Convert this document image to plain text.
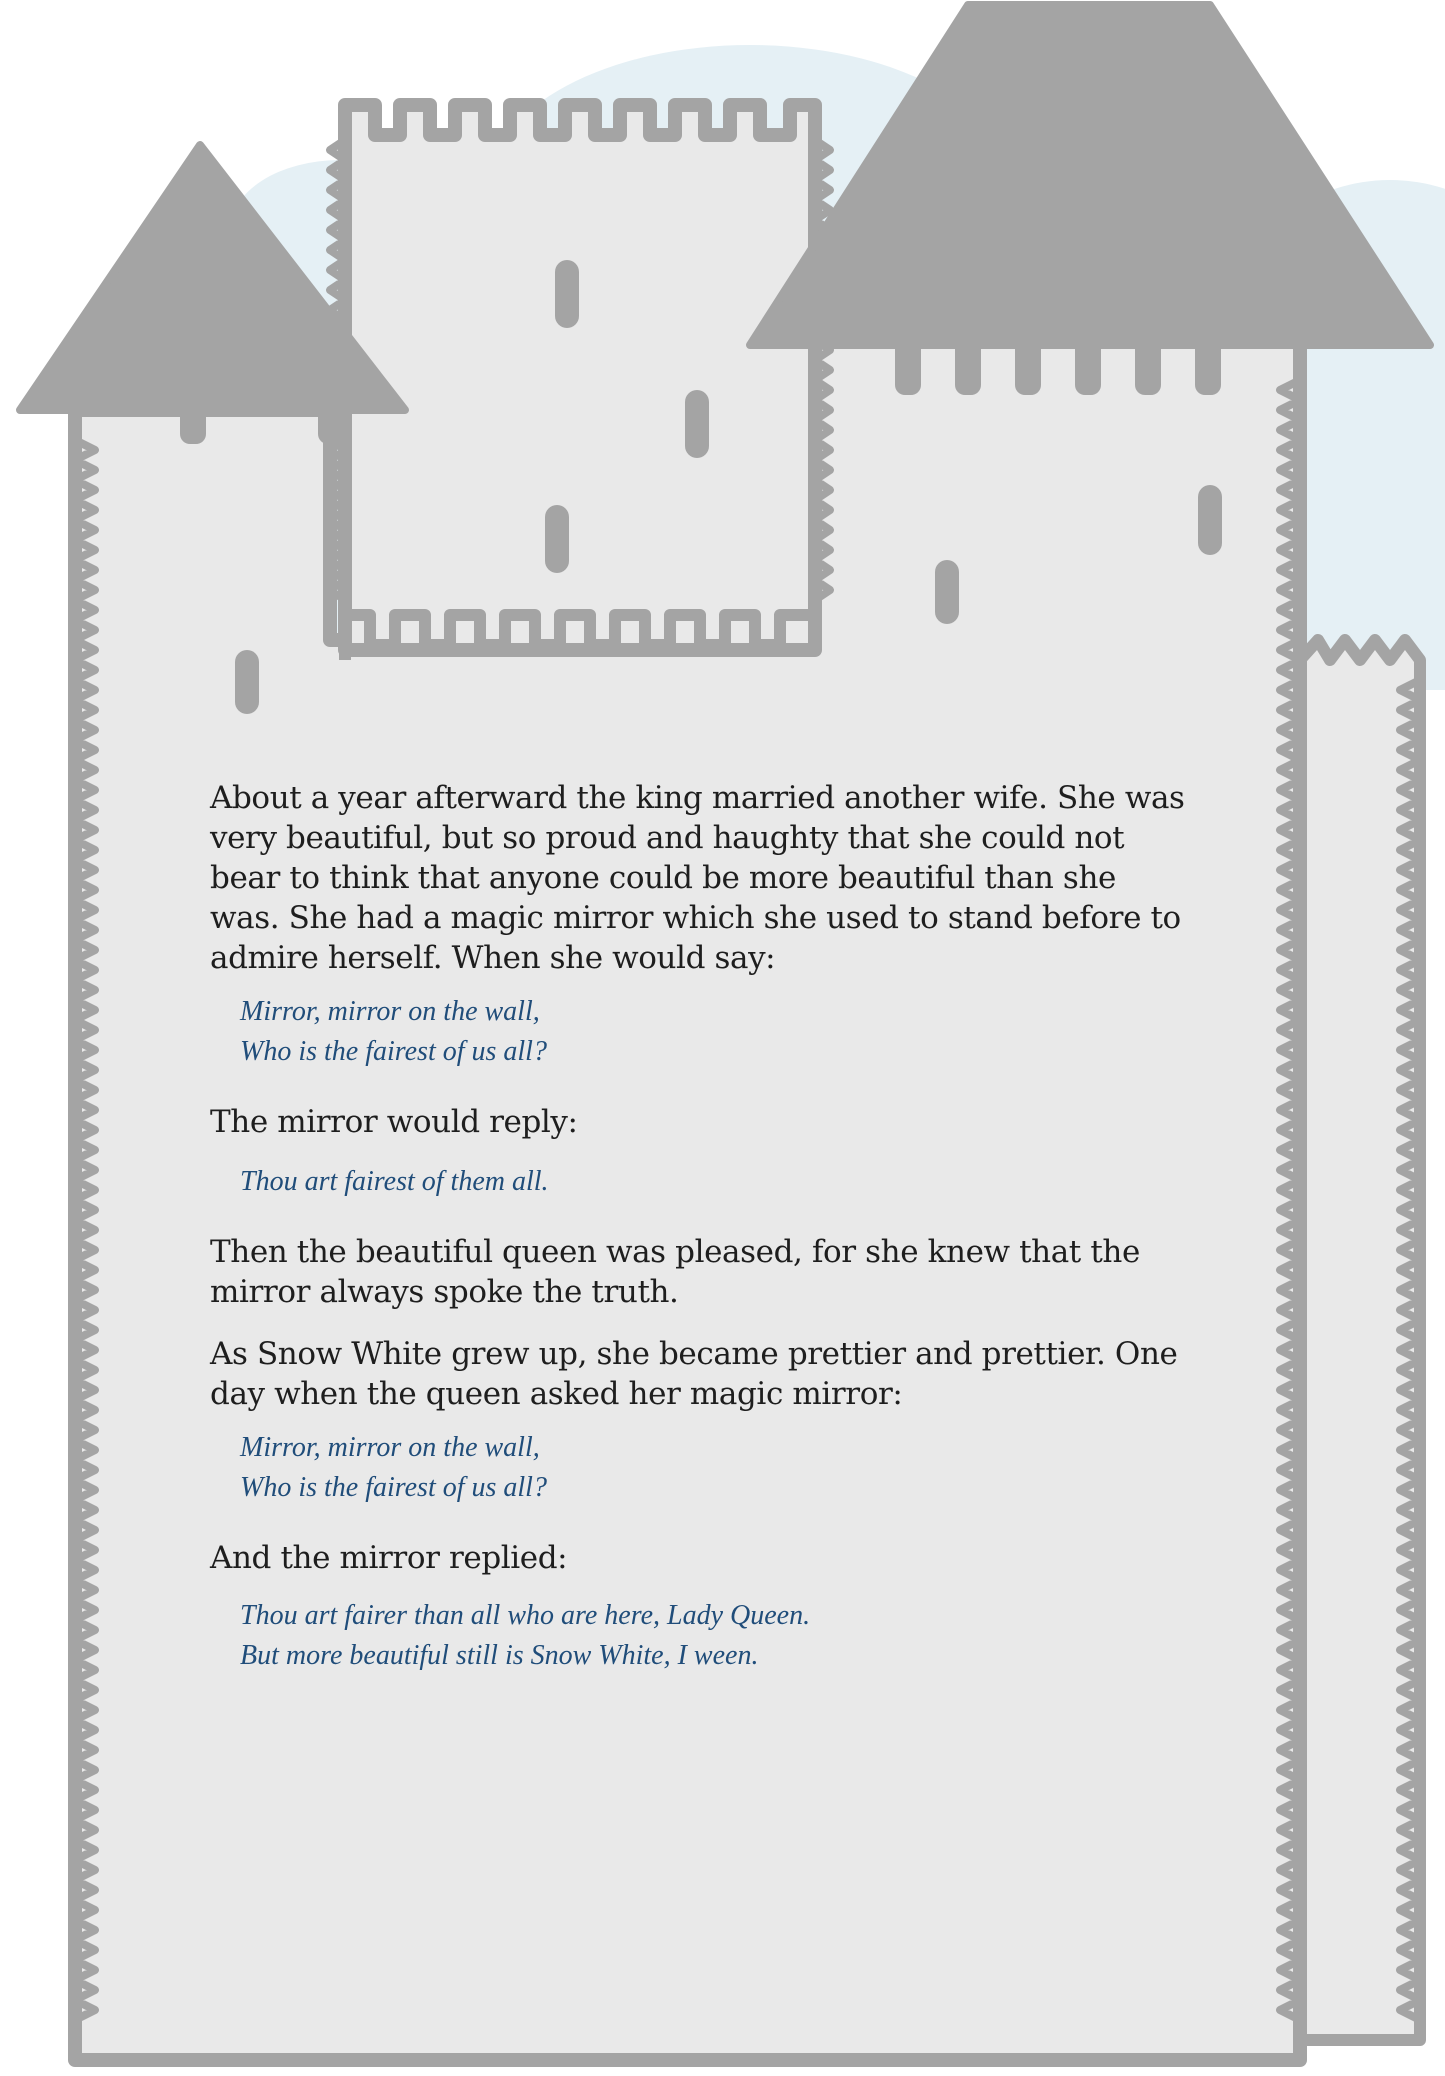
About a year afterward the king married another wife. She was very beautiful, but so proud and haughty that she could not bear to think that anyone could be more beautiful than she was. She had a magic mirror which she used to stand before to admire herself. When she would say:

Mirror, mirror on the wall,
Who is the fairest of us all?

The mirror would reply:

Thou art fairest of them all.

Then the beautiful queen was pleased, for she knew that the mirror always spoke the truth.

As Snow White grew up, she became prettier and prettier. One day when the queen asked her magic mirror:

Mirror, mirror on the wall,
Who is the fairest of us all?

And the mirror replied:

Thou art fairer than all who are here, Lady Queen.
But more beautiful still is Snow White, I ween.
